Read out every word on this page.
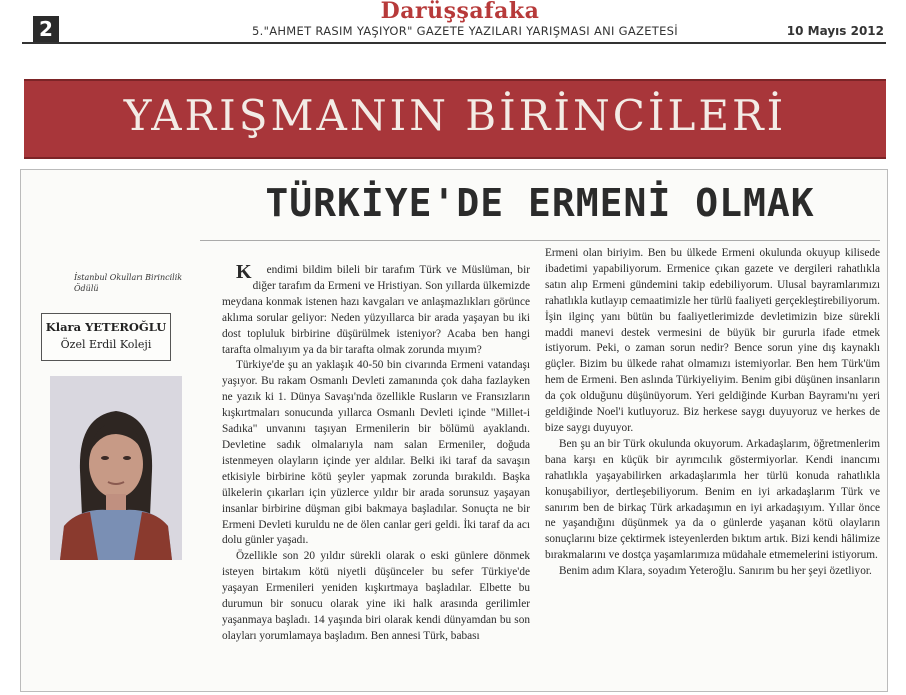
2
Darüşşafaka
5."AHMET RASIM YAŞIYOR" GAZETE YAZILARI YARIŞMASI ANI GAZETESİ	10 Mayıs 2012
YARIŞMANIN BİRİNCİLERİ
TÜRKİYE'DE ERMENİ OLMAK
İstanbul Okulları Birincilik Ödülü
Klara YETEROĞLU
Özel Erdil Koleji

K endimi bildim bileli bir tarafım Türk ve Müslüman, bir diğer tarafım da Ermeni ve Hristiyan. Son yıllarda ülkemizde meydana konmak istenen hazı kavgaları ve anlaşmazlıkları görünce aklıma sorular geliyor: Neden yüzyıllarca bir arada yaşayan bu iki dost topluluk birbirine düşürülmek isteniyor? Acaba ben hangi tarafta olmalıyım ya da bir tarafta olmak zorunda mıyım?

Türkiye'de şu an yaklaşık 40-50 bin civarında Ermeni vatandaşı yaşıyor. Bu rakam Osmanlı Devleti zamanında çok daha fazlayken ne yazık ki 1. Dünya Savaşı'nda özellikle Rusların ve Fransızların kışkırtmaları sonucunda yıllarca Osmanlı Devleti içinde "Millet-i Sadıka" unvanını taşıyan Ermenilerin bir bölümü ayaklandı. Devletine sadık olmalarıyla nam salan Ermeniler, doğuda istenmeyen olayların içinde yer aldılar. Belki iki taraf da savaşın etkisiyle birbirine kötü şeyler yapmak zorunda bırakıldı. Başka ülkelerin çıkarları için yüzlerce yıldır bir arada sorunsuz yaşayan insanlar birbirine düşman gibi bakmaya başladılar. Sonuçta ne bir Ermeni Devleti kuruldu ne de ölen canlar geri geldi. İki taraf da acı dolu günler yaşadı.

Özellikle son 20 yıldır sürekli olarak o eski günlere dönmek isteyen birtakım kötü niyetli düşünceler bu sefer Türkiye'de yaşayan Ermenileri yeniden kışkırtmaya başladılar. Elbette bu durumun bir sonucu olarak yine iki halk arasında gerilimler yaşanmaya başladı. 14 yaşında biri olarak kendi dünyamdan bu son olayları yorumlamaya başladım. Ben annesi Türk, babası

Ermeni olan biriyim. Ben bu ülkede Ermeni okulunda okuyup kilisede ibadetimi yapabiliyorum. Ermenice çıkan gazete ve dergileri rahatlıkla satın alıp Ermeni gündemini takip edebiliyorum. Ulusal bayramlarımızı rahatlıkla kutlayıp cemaatimizle her türlü faaliyeti gerçekleştirebiliyorum. İşin ilginç yanı bütün bu faaliyetlerimizde devletimizin bize sürekli maddi manevi destek vermesini de büyük bir gururla ifade etmek istiyorum. Peki, o zaman sorun nedir? Bence sorun yine dış kaynaklı güçler. Bizim bu ülkede rahat olmamızı istemiyorlar. Ben hem Türk'üm hem de Ermeni. Ben aslında Türkiyeliyim. Benim gibi düşünen insanların da çok olduğunu düşünüyorum. Yeri geldiğinde Kurban Bayramı'nı yeri geldiğinde Noel'i kutluyoruz. Biz herkese saygı duyuyoruz ve herkes de bize saygı duyuyor.

Ben şu an bir Türk okulunda okuyorum. Arkadaşlarım, öğretmenlerim bana karşı en küçük bir ayrımcılık göstermiyorlar. Kendi inancımı rahatlıkla yaşayabilirken arkadaşlarımla her türlü konuda rahatlıkla konuşabiliyor, dertleşebiliyorum. Benim en iyi arkadaşlarım Türk ve sanırım ben de birkaç Türk arkadaşımın en iyi arkadaşıyım. Yıllar önce ne yaşandığını düşünmek ya da o günlerde yaşanan kötü olayların sonuçlarını bize çektirmek isteyenlerden bıktım artık. Bizi kendi hâlimize bırakmalarını ve dostça yaşamlarımıza müdahale etmemelerini istiyorum.

Benim adım Klara, soyadım Yeteroğlu. Sanırım bu her şeyi özetliyor.
